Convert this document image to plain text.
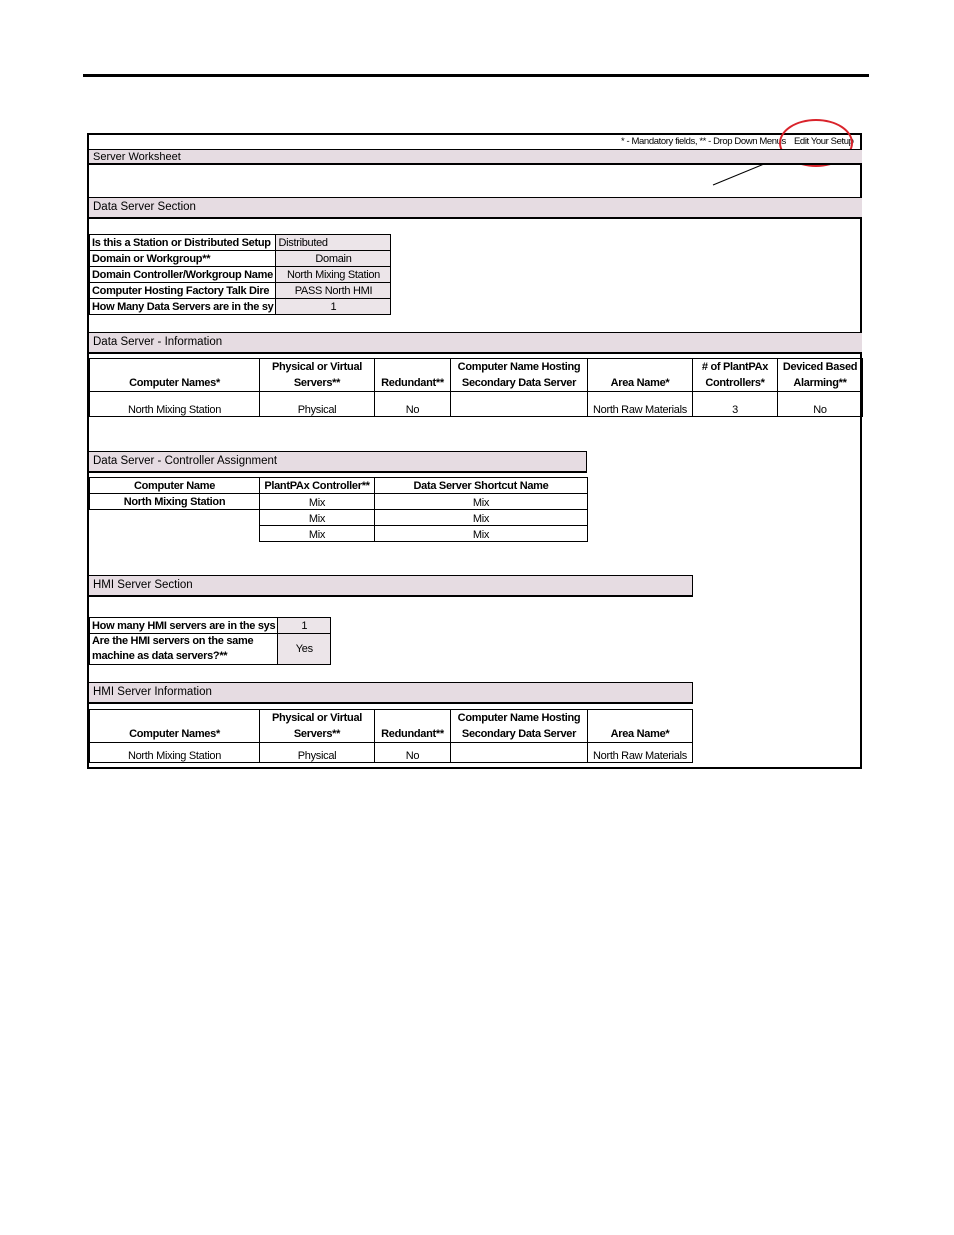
* - Mandatory fields, ** - Drop Down Menus Edit Your Setup
Server Worksheet
Data Server Section
Is this a Station or Distributed Setup	Distributed
Domain or Workgroup**	Domain
Domain Controller/Workgroup Name	North Mixing Station
Computer Hosting Factory Talk Dire	PASS North HMI
How Many Data Servers are in the sy	1
Data Server - Information
Computer Names*	Physical or Virtual Servers**	Redundant**	Computer Name Hosting Secondary Data Server	Area Name*	# of PlantPAx Controllers*	Deviced Based Alarming**
North Mixing Station	Physical	No		North Raw Materials	3	No
Data Server - Controller Assignment
Computer Name	PlantPAx Controller**	Data Server Shortcut Name
North Mixing Station	Mix	Mix
	Mix	Mix
	Mix	Mix
HMI Server Section
How many HMI servers are in the sys	1
Are the HMI servers on the same machine as data servers?**	Yes
HMI Server Information
Computer Names*	Physical or Virtual Servers**	Redundant**	Computer Name Hosting Secondary Data Server	Area Name*
North Mixing Station	Physical	No		North Raw Materials
